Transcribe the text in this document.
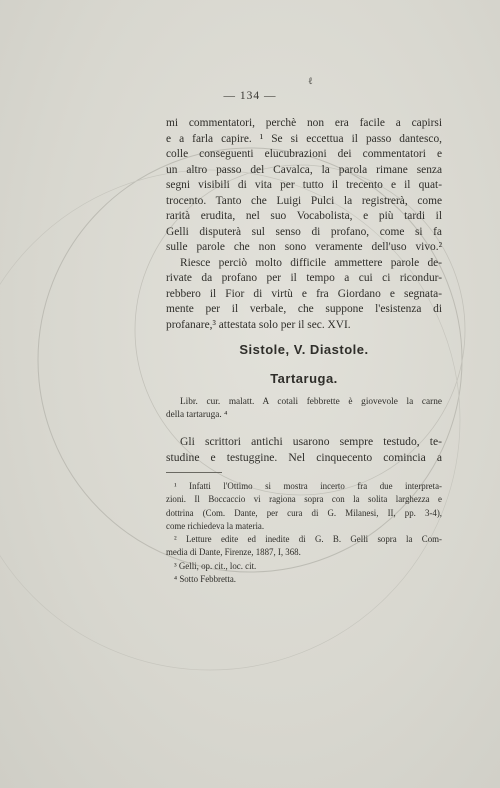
ℓ
— 134 —
mi commentatori, perchè non era facile a capirsi
e a farla capire. ¹ Se si eccettua il passo dantesco,
colle conseguenti elucubrazioni dei commentatori e
un altro passo del Cavalca, la parola rimane senza
segni visibili di vita per tutto il trecento e il quat-
trocento. Tanto che Luigi Pulci la registrerà, come
rarità erudita, nel suo Vocabolista, e più tardi il
Gelli disputerà sul senso di profano, come si fa
sulle parole che non sono veramente dell'uso vivo.²
Riesce perciò molto difficile ammettere parole de-
rivate da profano per il tempo a cui ci ricondur-
rebbero il Fior di virtù e fra Giordano e segnata-
mente per il verbale, che suppone l'esistenza di
profanare,³ attestata solo per il sec. XVI.
Sistole, V. Diastole.
Tartaruga.
Libr. cur. malatt. A cotali febbrette è giovevole la carne
della tartaruga. ⁴
Gli scrittori antichi usarono sempre testudo, te-
studine e testuggine. Nel cinquecento comincia a
¹ Infatti l'Ottimo si mostra incerto fra due interpreta-
zioni. Il Boccaccio vi ragiona sopra con la solita larghezza e
dottrina (Com. Dante, per cura di G. Milanesi, II, pp. 3-4),
come richiedeva la materia.
² Letture edite ed inedite di G. B. Gelli sopra la Com-
media di Dante, Firenze, 1887, I, 368.
³ Gelli, op. cit., loc. cit.
⁴ Sotto Febbretta.
